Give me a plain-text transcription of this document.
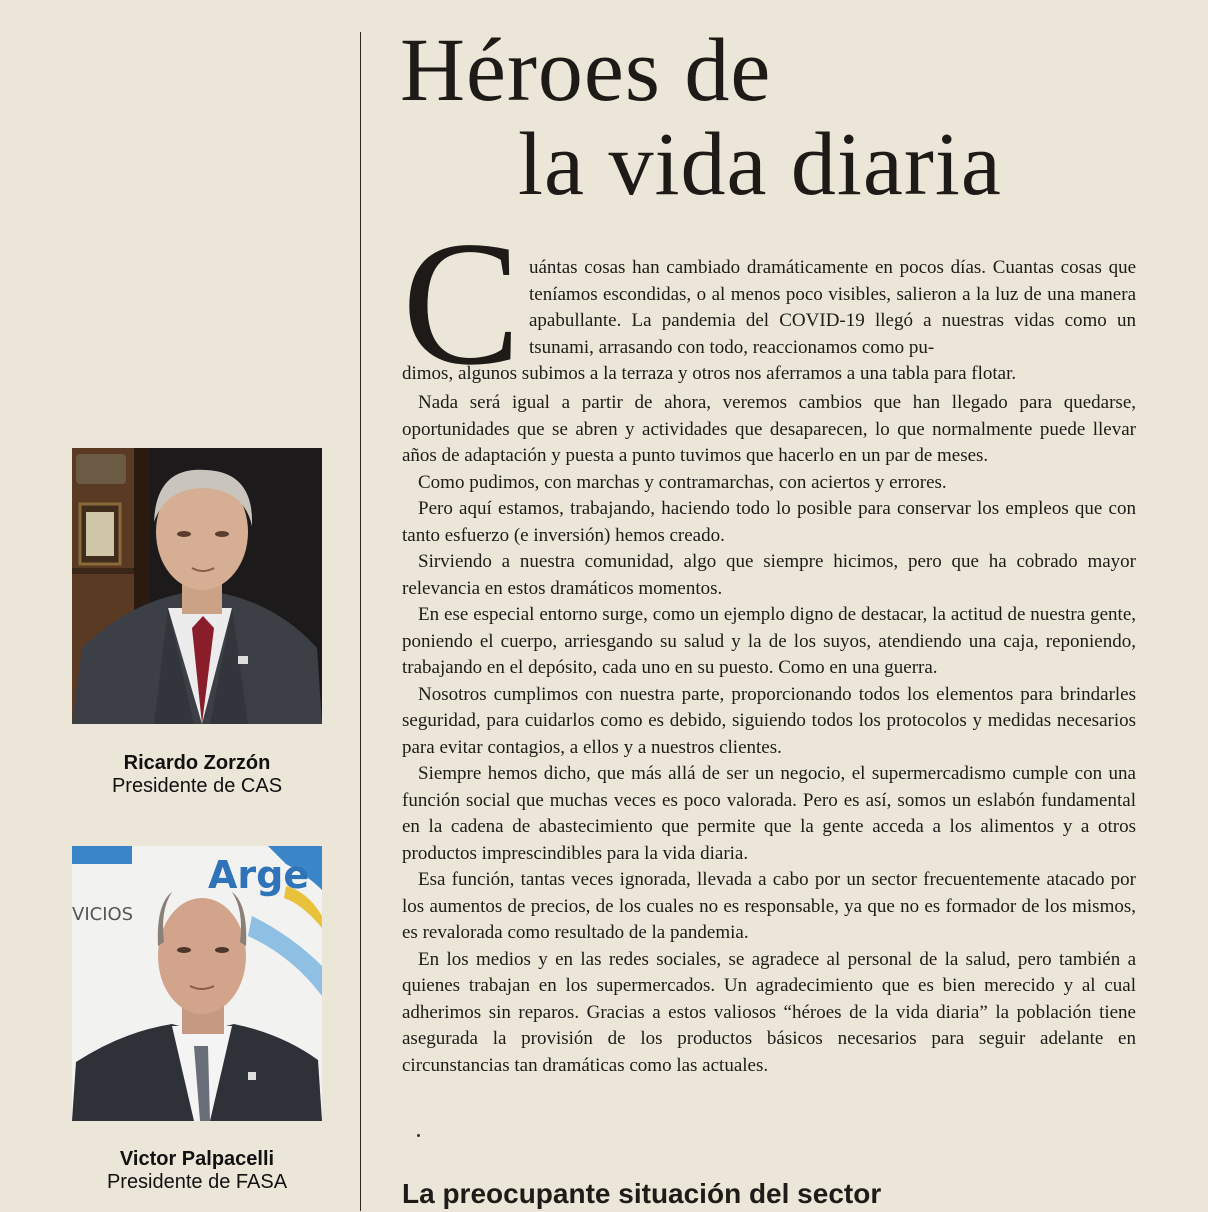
Ricardo Zorzón
Presidente de CAS
Arge
VICIOS
Victor Palpacelli
Presidente de FASA
Héroes de
la vida diaria
C uántas cosas han cambiado dramáticamente en pocos días. Cuantas cosas que teníamos escondidas, o al menos poco visibles, salieron a la luz de una manera apabullante. La pandemia del COVID-19 llegó a nuestras vidas como un tsunami, arrasando con todo, reaccionamos como pu-

dimos, algunos subimos a la terraza y otros nos aferramos a una tabla para flotar.

Nada será igual a partir de ahora, veremos cambios que han llegado para quedarse, oportunidades que se abren y actividades que desaparecen, lo que normalmente puede llevar años de adaptación y puesta a punto tuvimos que hacerlo en un par de meses.

Como pudimos, con marchas y contramarchas, con aciertos y errores.

Pero aquí estamos, trabajando, haciendo todo lo posible para conservar los empleos que con tanto esfuerzo (e inversión) hemos creado.

Sirviendo a nuestra comunidad, algo que siempre hicimos, pero que ha cobrado mayor relevancia en estos dramáticos momentos.

En ese especial entorno surge, como un ejemplo digno de destacar, la actitud de nuestra gente, poniendo el cuerpo, arriesgando su salud y la de los suyos, atendiendo una caja, reponiendo, trabajando en el depósito, cada uno en su puesto. Como en una guerra.

Nosotros cumplimos con nuestra parte, proporcionando todos los elementos para brindarles seguridad, para cuidarlos como es debido, siguiendo todos los protocolos y medidas necesarios para evitar contagios, a ellos y a nuestros clientes.

Siempre hemos dicho, que más allá de ser un negocio, el supermercadismo cumple con una función social que muchas veces es poco valorada. Pero es así, somos un eslabón fundamental en la cadena de abastecimiento que permite que la gente acceda a los alimentos y a otros productos imprescindibles para la vida diaria.

Esa función, tantas veces ignorada, llevada a cabo por un sector frecuentemente atacado por los aumentos de precios, de los cuales no es responsable, ya que no es formador de los mismos, es revalorada como resultado de la pandemia.

En los medios y en las redes sociales, se agradece al personal de la salud, pero también a quienes trabajan en los supermercados. Un agradecimiento que es bien merecido y al cual adherimos sin reparos. Gracias a estos valiosos “héroes de la vida diaria” la población tiene asegurada la provisión de los productos básicos necesarios para seguir adelante en circunstancias tan dramáticas como las actuales.

La preocupante situación del sector
